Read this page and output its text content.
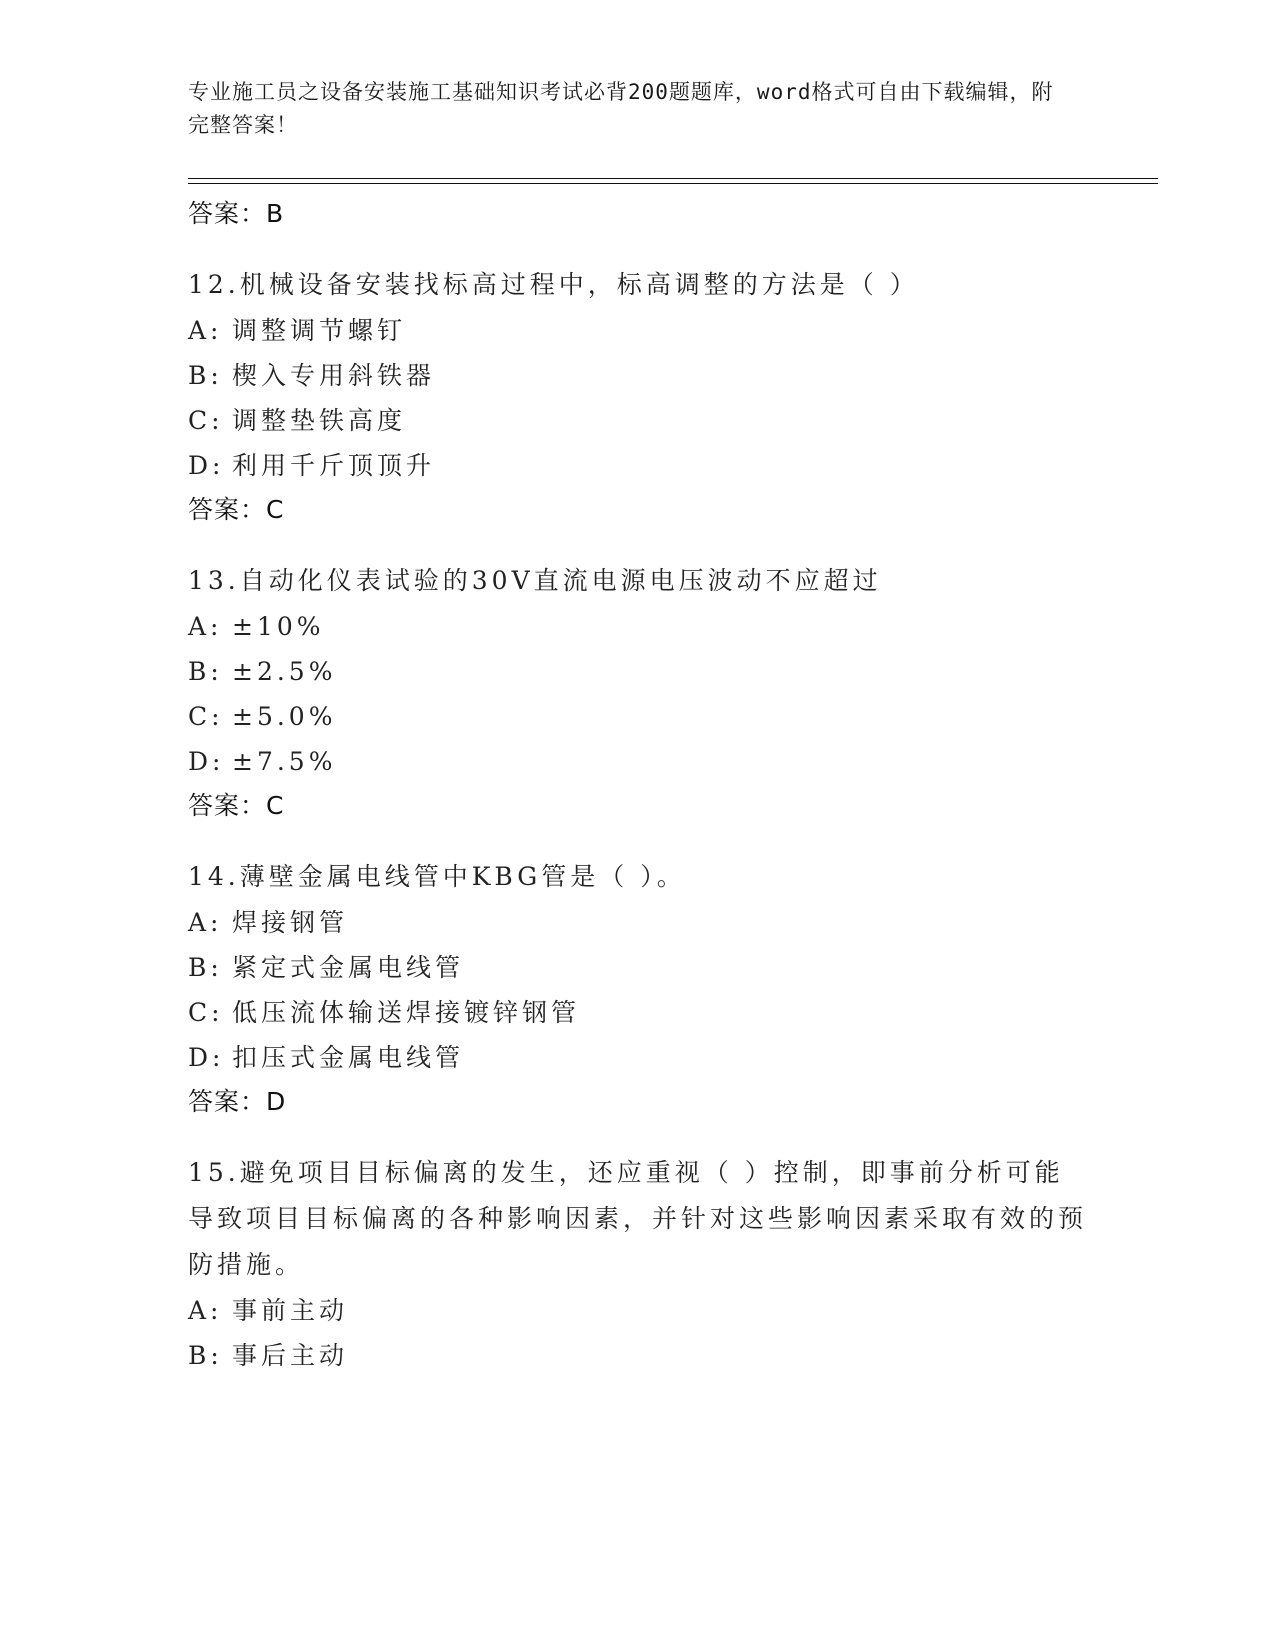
专业施工员之设备安装施工基础知识考试必背200题题库，word格式可自由下载编辑，附完整答案！
答案：B
12.机械设备安装找标高过程中，标高调整的方法是（ ）
A: 调整调节螺钉
B: 楔入专用斜铁器
C: 调整垫铁高度
D: 利用千斤顶顶升
答案：C
13.自动化仪表试验的30V直流电源电压波动不应超过
A: ±10%
B: ±2.5%
C: ±5.0%
D: ±7.5%
答案：C
14.薄壁金属电线管中KBG管是（ ）。
A: 焊接钢管
B: 紧定式金属电线管
C: 低压流体输送焊接镀锌钢管
D: 扣压式金属电线管
答案：D
15.避免项目目标偏离的发生，还应重视（ ）控制，即事前分析可能导致项目目标偏离的各种影响因素，并针对这些影响因素采取有效的预防措施。
A: 事前主动
B: 事后主动
